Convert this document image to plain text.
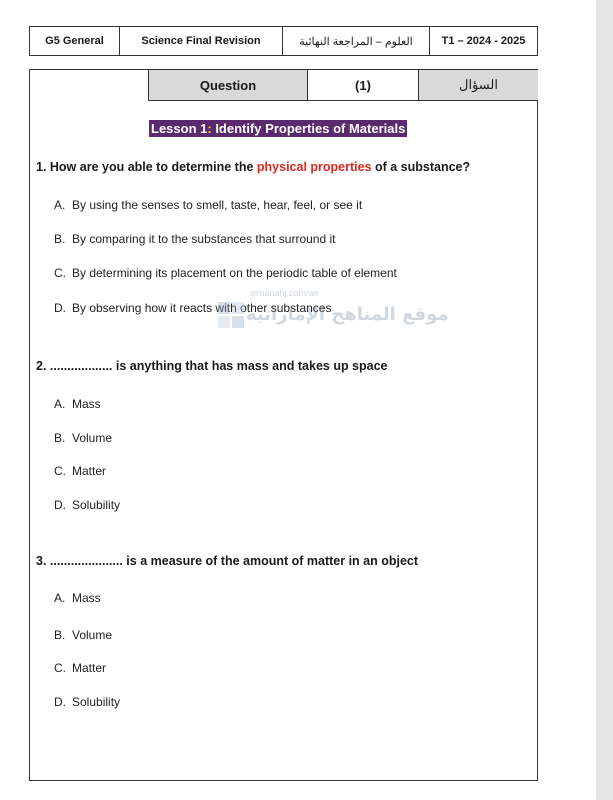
G5 General	Science Final Revision	العلوم – المراجعة النهائية	T1 – 2024 - 2025
Question	(1)	السؤال
Lesson 1: Identify Properties of Materials
1. How are you able to determine the physical properties of a substance?
A. By using the senses to smell, taste, hear, feel, or see it
B. By comparing it to the substances that surround it
C. By determining its placement on the periodic table of element
D. By observing how it reacts with other substances
2. .................. is anything that has mass and takes up space
A. Mass
B. Volume
C. Matter
D. Solubility
3. ..................... is a measure of the amount of matter in an object
A. Mass
B. Volume
C. Matter
D. Solubility
almanahj.com/ae
موقع المناهج الإماراتية
